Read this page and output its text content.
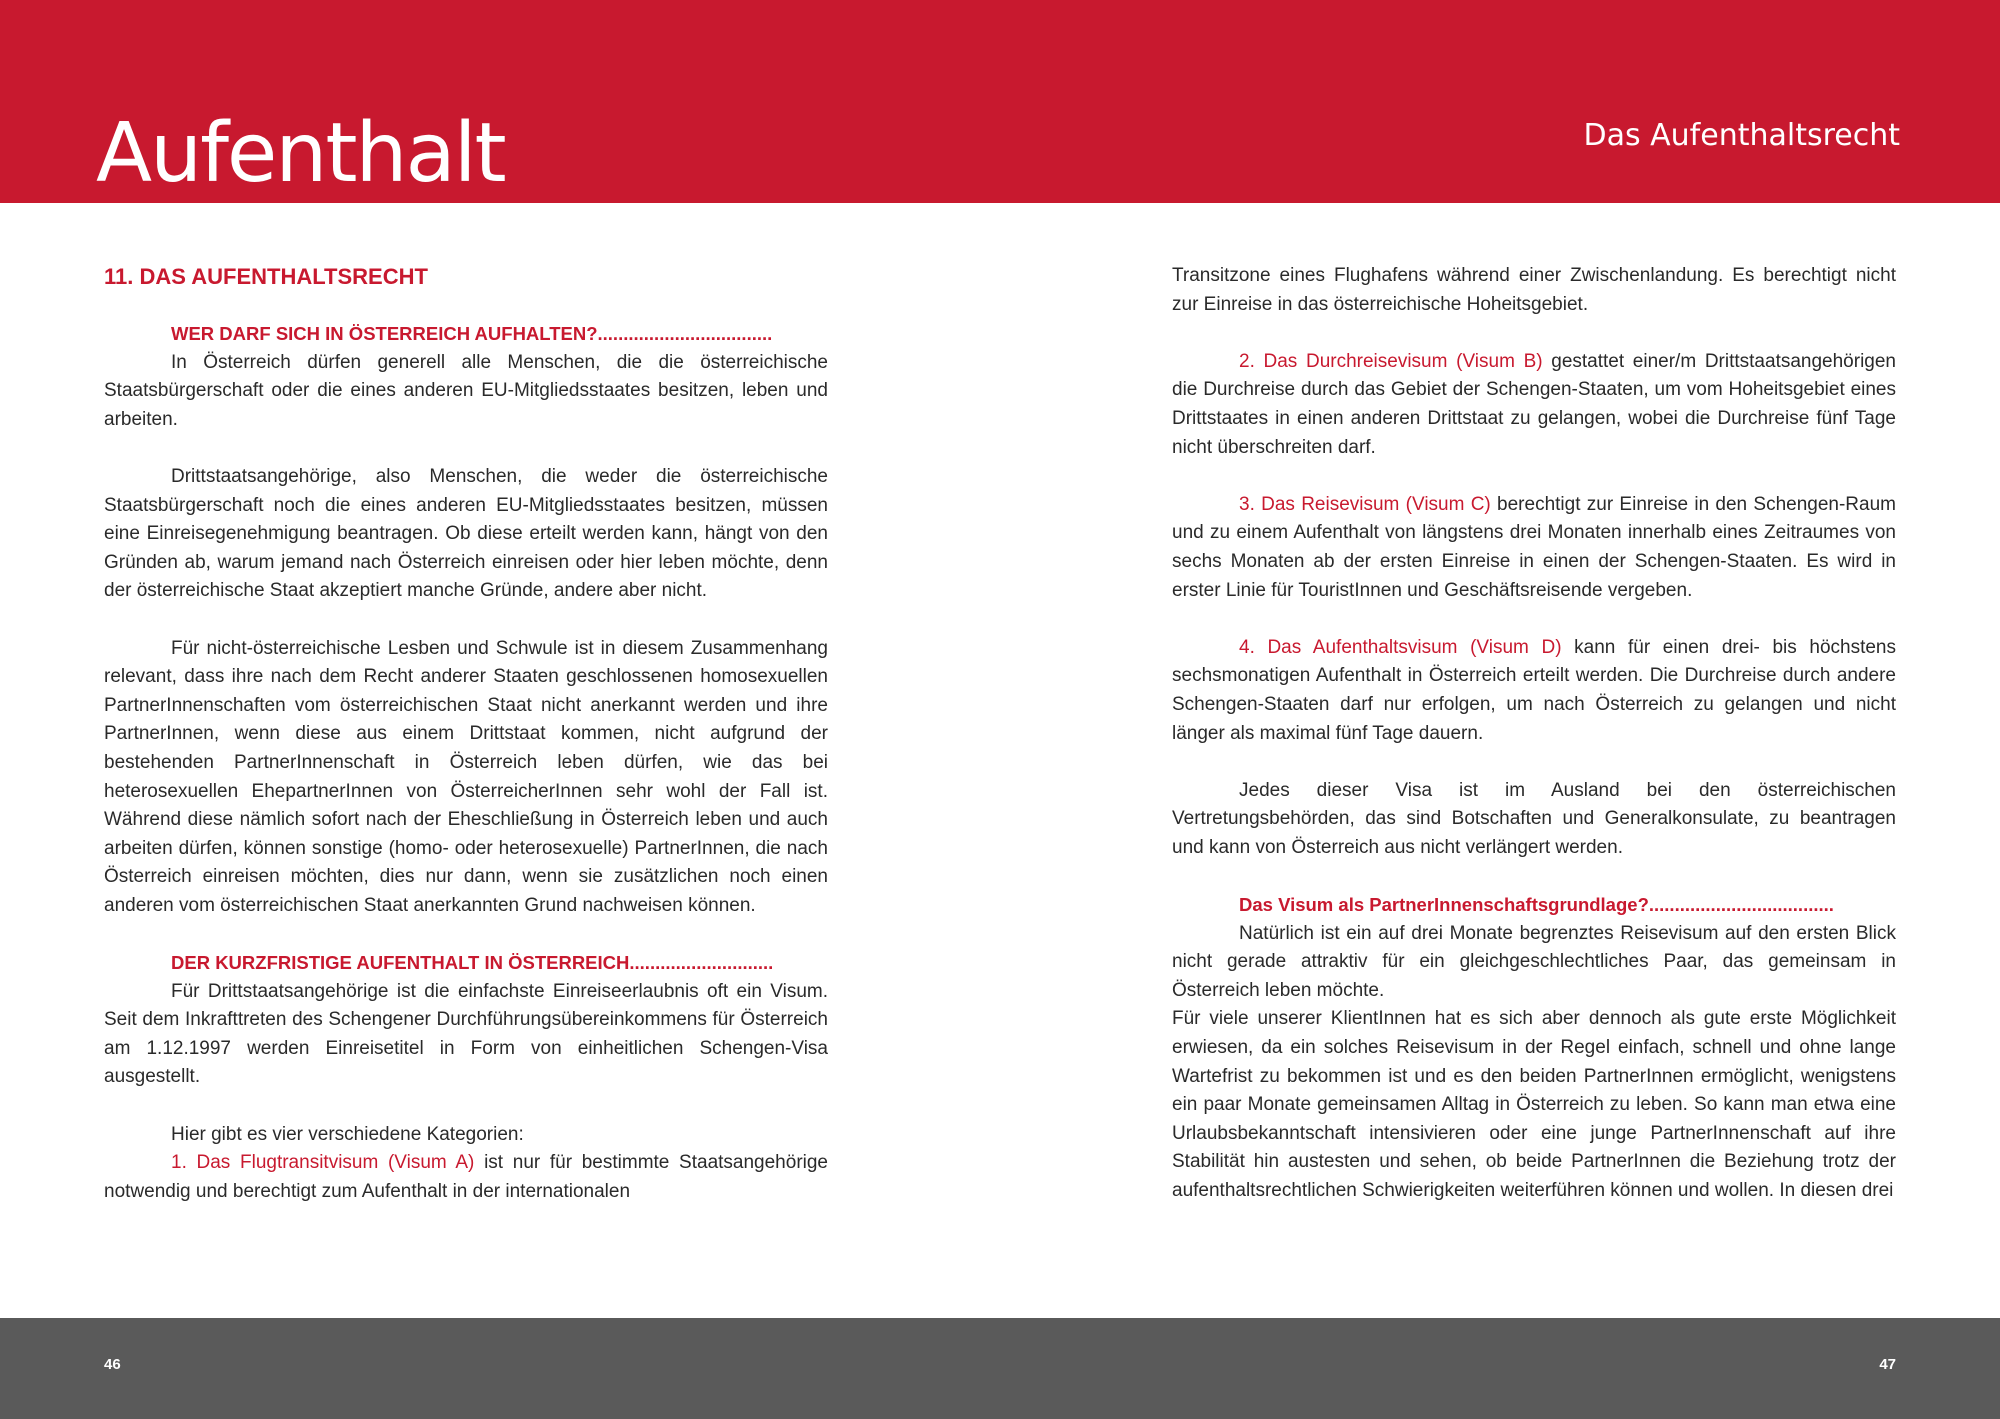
Aufenthalt	Das Aufenthaltsrecht
11. DAS AUFENTHALTSRECHT
WER DARF SICH IN ÖSTERREICH AUFHALTEN?..................................

In Österreich dürfen generell alle Menschen, die die österreichische Staatsbürgerschaft oder die eines anderen EU-Mitgliedsstaates besitzen, leben und arbeiten.

Drittstaatsangehörige, also Menschen, die weder die österreichische Staatsbürgerschaft noch die eines anderen EU-Mitgliedsstaates besitzen, müssen eine Einreisegenehmigung beantragen. Ob diese erteilt werden kann, hängt von den Gründen ab, warum jemand nach Österreich einreisen oder hier leben möchte, denn der österreichische Staat akzeptiert manche Gründe, andere aber nicht.

Für nicht-österreichische Lesben und Schwule ist in diesem Zusammenhang relevant, dass ihre nach dem Recht anderer Staaten geschlossenen homosexuellen PartnerInnenschaften vom österreichischen Staat nicht anerkannt werden und ihre PartnerInnen, wenn diese aus einem Drittstaat kommen, nicht aufgrund der bestehenden PartnerInnenschaft in Österreich leben dürfen, wie das bei heterosexuellen EhepartnerInnen von ÖsterreicherInnen sehr wohl der Fall ist. Während diese nämlich sofort nach der Eheschließung in Österreich leben und auch arbeiten dürfen, können sonstige (homo- oder heterosexuelle) PartnerInnen, die nach Österreich einreisen möchten, dies nur dann, wenn sie zusätzlichen noch einen anderen vom österreichischen Staat anerkannten Grund nachweisen können.

DER KURZFRISTIGE AUFENTHALT IN ÖSTERREICH............................

Für Drittstaatsangehörige ist die einfachste Einreiseerlaubnis oft ein Visum. Seit dem Inkrafttreten des Schengener Durchführungsübereinkommens für Österreich am 1.12.1997 werden Einreisetitel in Form von einheitlichen Schengen-Visa ausgestellt.

Hier gibt es vier verschiedene Kategorien:

1. Das Flugtransitvisum (Visum A) ist nur für bestimmte Staatsangehörige notwendig und berechtigt zum Aufenthalt in der internationalen

Transitzone eines Flughafens während einer Zwischenlandung. Es berechtigt nicht zur Einreise in das österreichische Hoheitsgebiet.

2. Das Durchreisevisum (Visum B) gestattet einer/m Drittstaatsangehörigen die Durchreise durch das Gebiet der Schengen-Staaten, um vom Hoheitsgebiet eines Drittstaates in einen anderen Drittstaat zu gelangen, wobei die Durchreise fünf Tage nicht überschreiten darf.

3. Das Reisevisum (Visum C) berechtigt zur Einreise in den Schengen-Raum und zu einem Aufenthalt von längstens drei Monaten innerhalb eines Zeitraumes von sechs Monaten ab der ersten Einreise in einen der Schengen-Staaten. Es wird in erster Linie für TouristInnen und Geschäftsreisende vergeben.

4. Das Aufenthaltsvisum (Visum D) kann für einen drei- bis höchstens sechsmonatigen Aufenthalt in Österreich erteilt werden. Die Durchreise durch andere Schengen-Staaten darf nur erfolgen, um nach Österreich zu gelangen und nicht länger als maximal fünf Tage dauern.

Jedes dieser Visa ist im Ausland bei den österreichischen Vertretungsbehörden, das sind Botschaften und Generalkonsulate, zu beantragen und kann von Österreich aus nicht verlängert werden.

Das Visum als PartnerInnenschaftsgrundlage?....................................

Natürlich ist ein auf drei Monate begrenztes Reisevisum auf den ersten Blick nicht gerade attraktiv für ein gleichgeschlechtliches Paar, das gemeinsam in Österreich leben möchte.

Für viele unserer KlientInnen hat es sich aber dennoch als gute erste Möglichkeit erwiesen, da ein solches Reisevisum in der Regel einfach, schnell und ohne lange Wartefrist zu bekommen ist und es den beiden PartnerInnen ermöglicht, wenigstens ein paar Monate gemeinsamen Alltag in Österreich zu leben. So kann man etwa eine Urlaubsbekanntschaft intensivieren oder eine junge PartnerInnenschaft auf ihre Stabilität hin austesten und sehen, ob beide PartnerInnen die Beziehung trotz der aufenthaltsrechtlichen Schwierigkeiten weiterführen können und wollen. In diesen drei

46	47
